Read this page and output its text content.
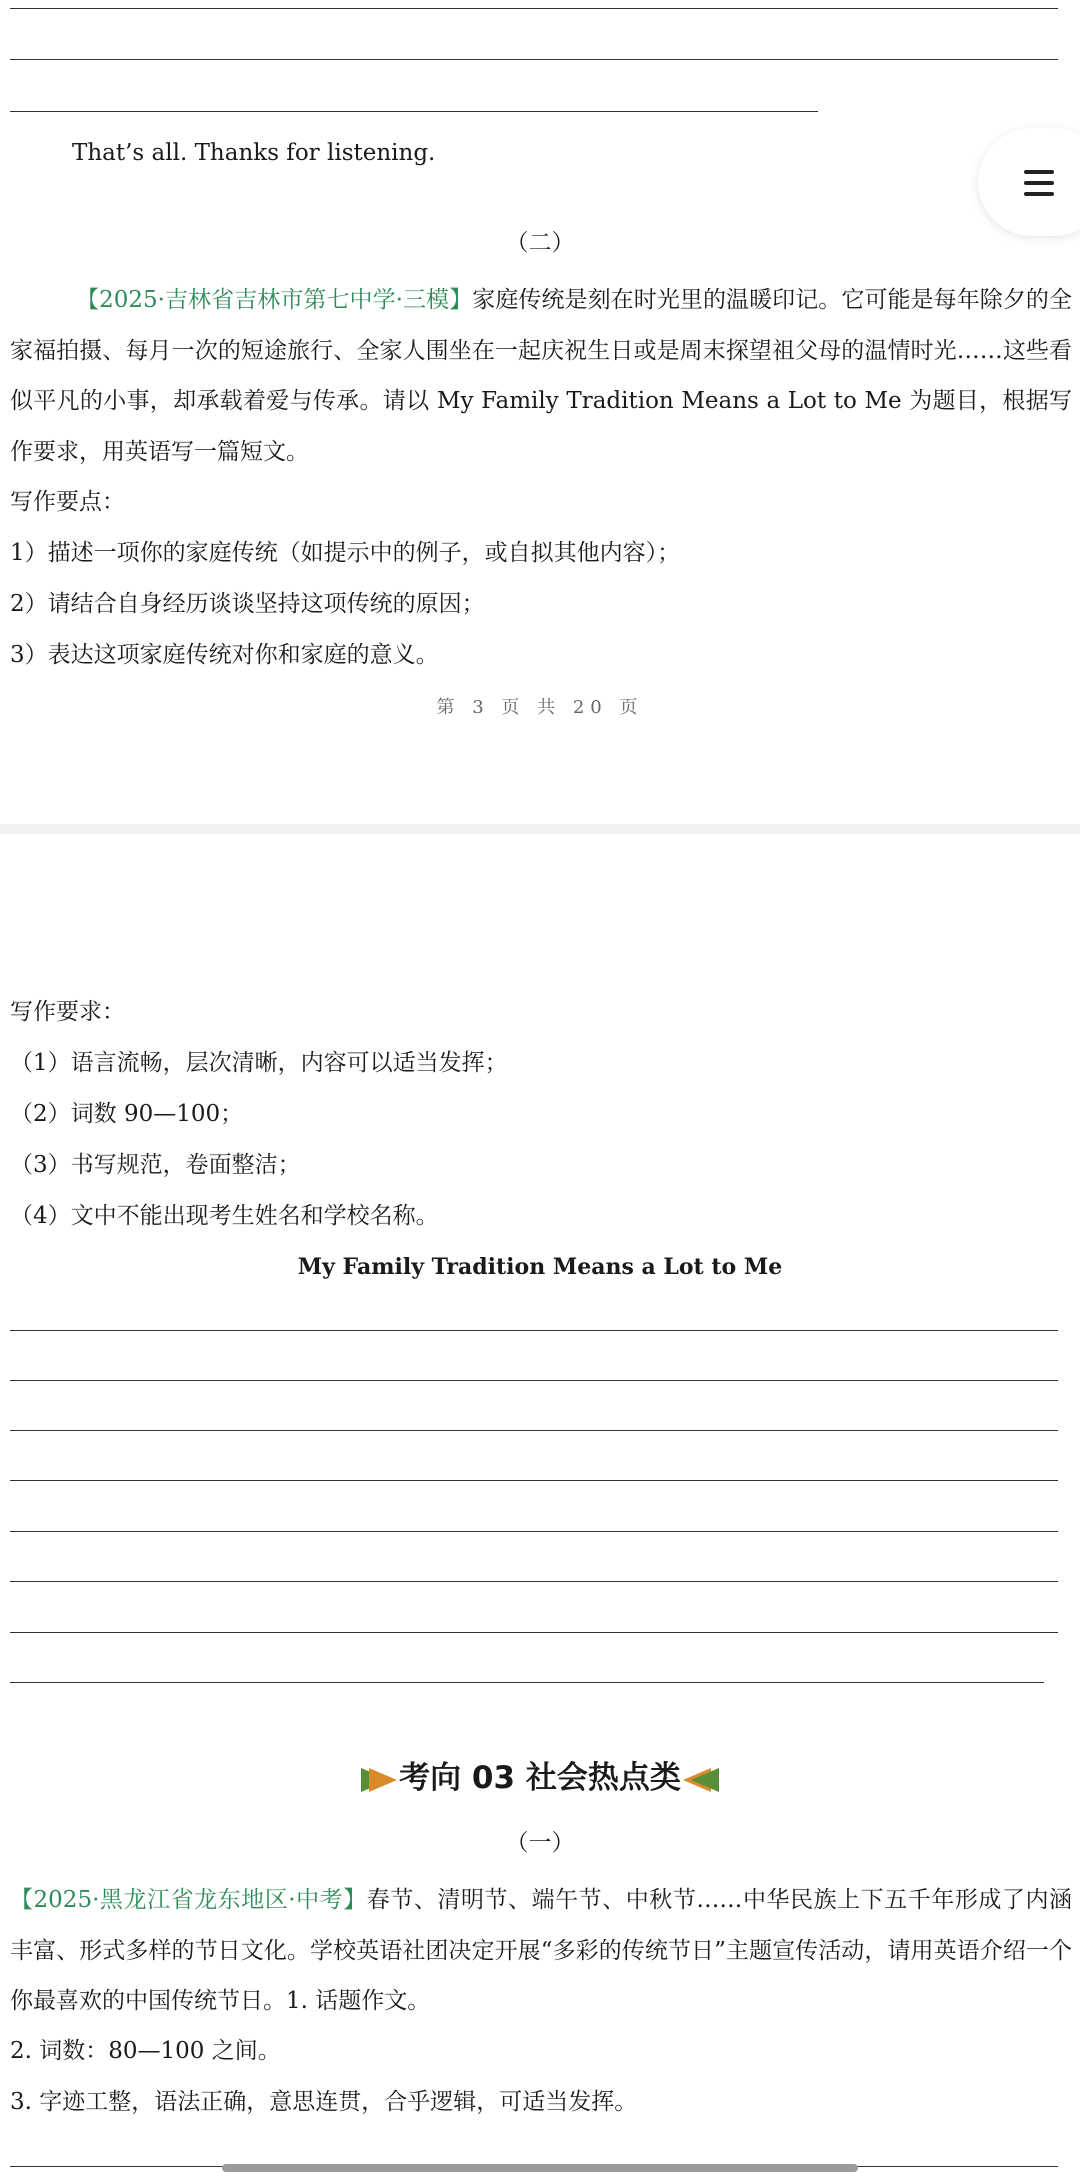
That’s all. Thanks for listening.
（二）
【2025·吉林省吉林市第七中学·三模】家庭传统是刻在时光里的温暖印记。它可能是每年除夕的全家福拍摄、每月一次的短途旅行、全家人围坐在一起庆祝生日或是周末探望祖父母的温情时光……这些看似平凡的小事，却承载着爱与传承。请以 My Family Tradition Means a Lot to Me 为题目，根据写作要求，用英语写一篇短文。
写作要点：
1）描述一项你的家庭传统（如提示中的例子，或自拟其他内容）；
2）请结合自身经历谈谈坚持这项传统的原因；
3）表达这项家庭传统对你和家庭的意义。
第 3 页 共 20 页
写作要求：
（1）语言流畅，层次清晰，内容可以适当发挥；
（2）词数 90—100；
（3）书写规范，卷面整洁；
（4）文中不能出现考生姓名和学校名称。
My Family Tradition Means a Lot to Me
考向 03 社会热点类
（一）
【2025·黑龙江省龙东地区·中考】春节、清明节、端午节、中秋节……中华民族上下五千年形成了内涵丰富、形式多样的节日文化。学校英语社团决定开展“多彩的传统节日”主题宣传活动，请用英语介绍一个你最喜欢的中国传统节日。1. 话题作文。
2. 词数：80—100 之间。
3. 字迹工整，语法正确，意思连贯，合乎逻辑，可适当发挥。
